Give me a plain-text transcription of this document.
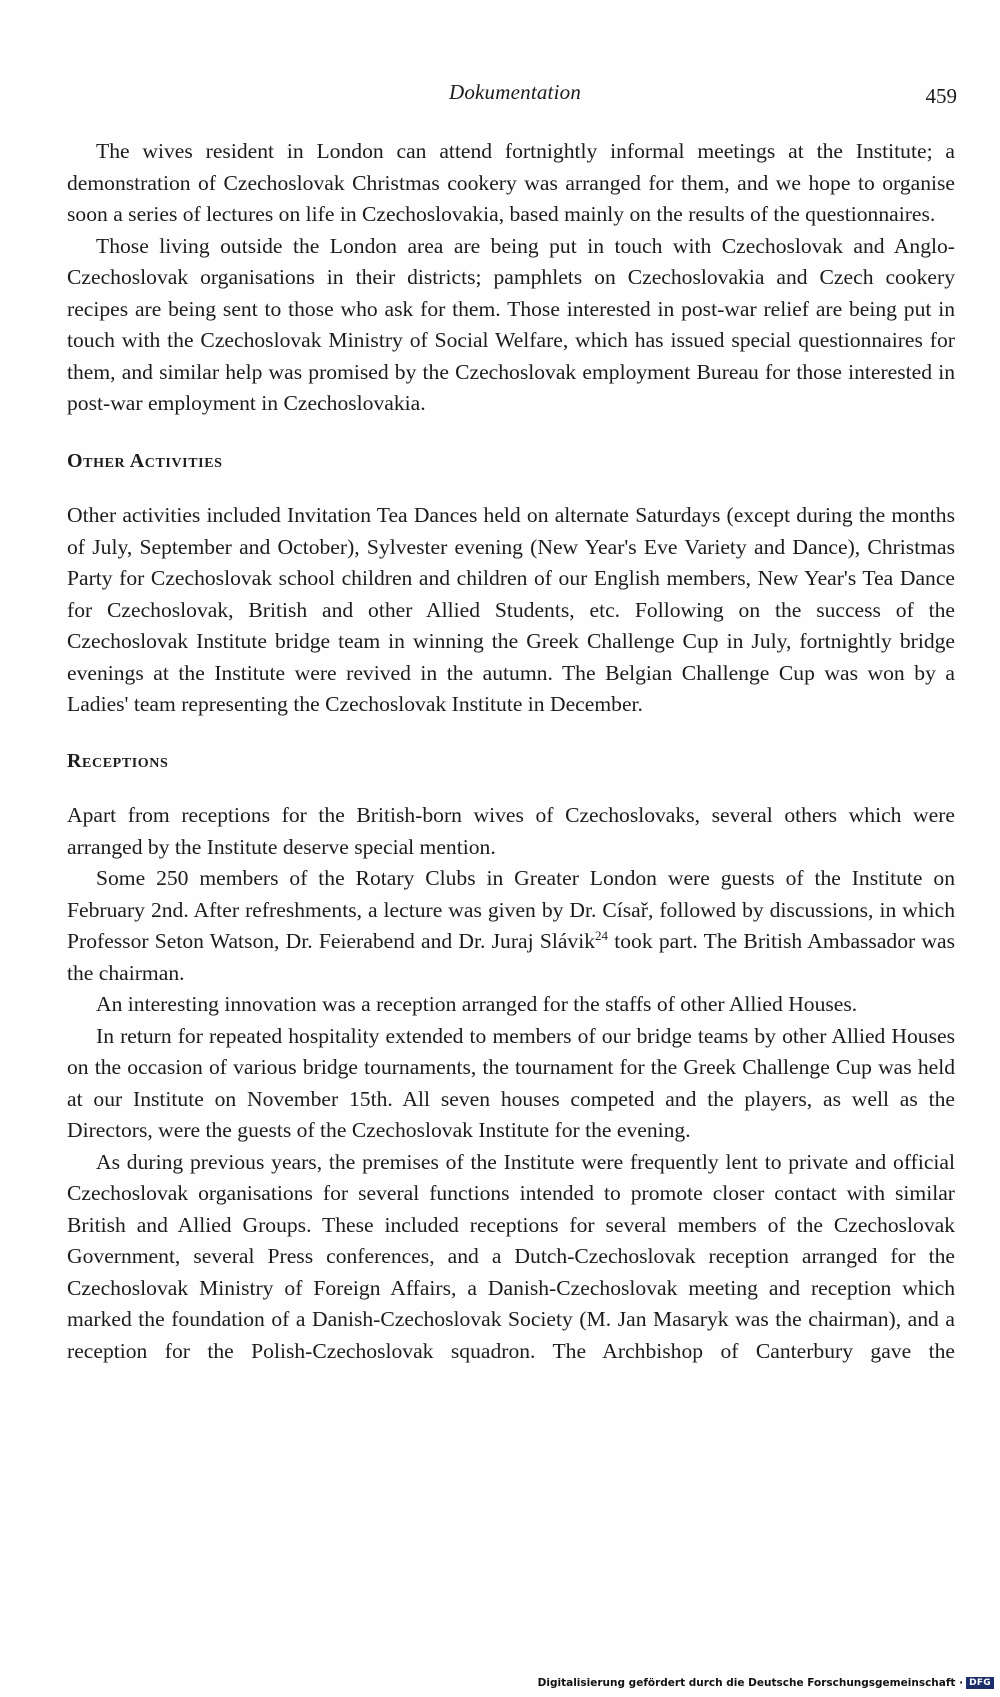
Dokumentation	459

The wives resident in London can attend fortnightly informal meetings at the Institute; a demonstration of Czechoslovak Christmas cookery was arranged for them, and we hope to organise soon a series of lectures on life in Czechoslovakia, based mainly on the results of the questionnaires.

Those living outside the London area are being put in touch with Czechoslovak and Anglo-Czechoslovak organisations in their districts; pamphlets on Czechoslovakia and Czech cookery recipes are being sent to those who ask for them. Those interested in post-war relief are being put in touch with the Czechoslovak Ministry of Social Welfare, which has issued special questionnaires for them, and similar help was promised by the Czechoslovak employment Bureau for those interested in post-war employment in Czechoslovakia.

Other Activities

Other activities included Invitation Tea Dances held on alternate Saturdays (except during the months of July, September and October), Sylvester evening (New Year's Eve Variety and Dance), Christmas Party for Czechoslovak school children and children of our English members, New Year's Tea Dance for Czechoslovak, British and other Allied Students, etc. Following on the success of the Czechoslovak Institute bridge team in winning the Greek Challenge Cup in July, fortnightly bridge evenings at the Institute were revived in the autumn. The Belgian Challenge Cup was won by a Ladies' team representing the Czechoslovak Institute in December.

Receptions

Apart from receptions for the British-born wives of Czechoslovaks, several others which were arranged by the Institute deserve special mention.

Some 250 members of the Rotary Clubs in Greater London were guests of the Institute on February 2nd. After refreshments, a lecture was given by Dr. Císař, followed by discussions, in which Professor Seton Watson, Dr. Feierabend and Dr. Juraj Slávik$^{24}$ took part. The British Ambassador was the chairman.

An interesting innovation was a reception arranged for the staffs of other Allied Houses.

In return for repeated hospitality extended to members of our bridge teams by other Allied Houses on the occasion of various bridge tournaments, the tournament for the Greek Challenge Cup was held at our Institute on November 15th. All seven houses competed and the players, as well as the Directors, were the guests of the Czechoslovak Institute for the evening.

As during previous years, the premises of the Institute were frequently lent to private and official Czechoslovak organisations for several functions intended to promote closer contact with similar British and Allied Groups. These included receptions for several members of the Czechoslovak Government, several Press conferences, and a Dutch-Czechoslovak reception arranged for the Czechoslovak Ministry of Foreign Affairs, a Danish-Czechoslovak meeting and reception which marked the foundation of a Danish-Czechoslovak Society (M. Jan Masaryk was the chairman), and a reception for the Polish-Czechoslovak squadron. The Archbishop of Canterbury gave the

Digitalisierung gefördert durch die Deutsche Forschungsgemeinschaft · DFG
